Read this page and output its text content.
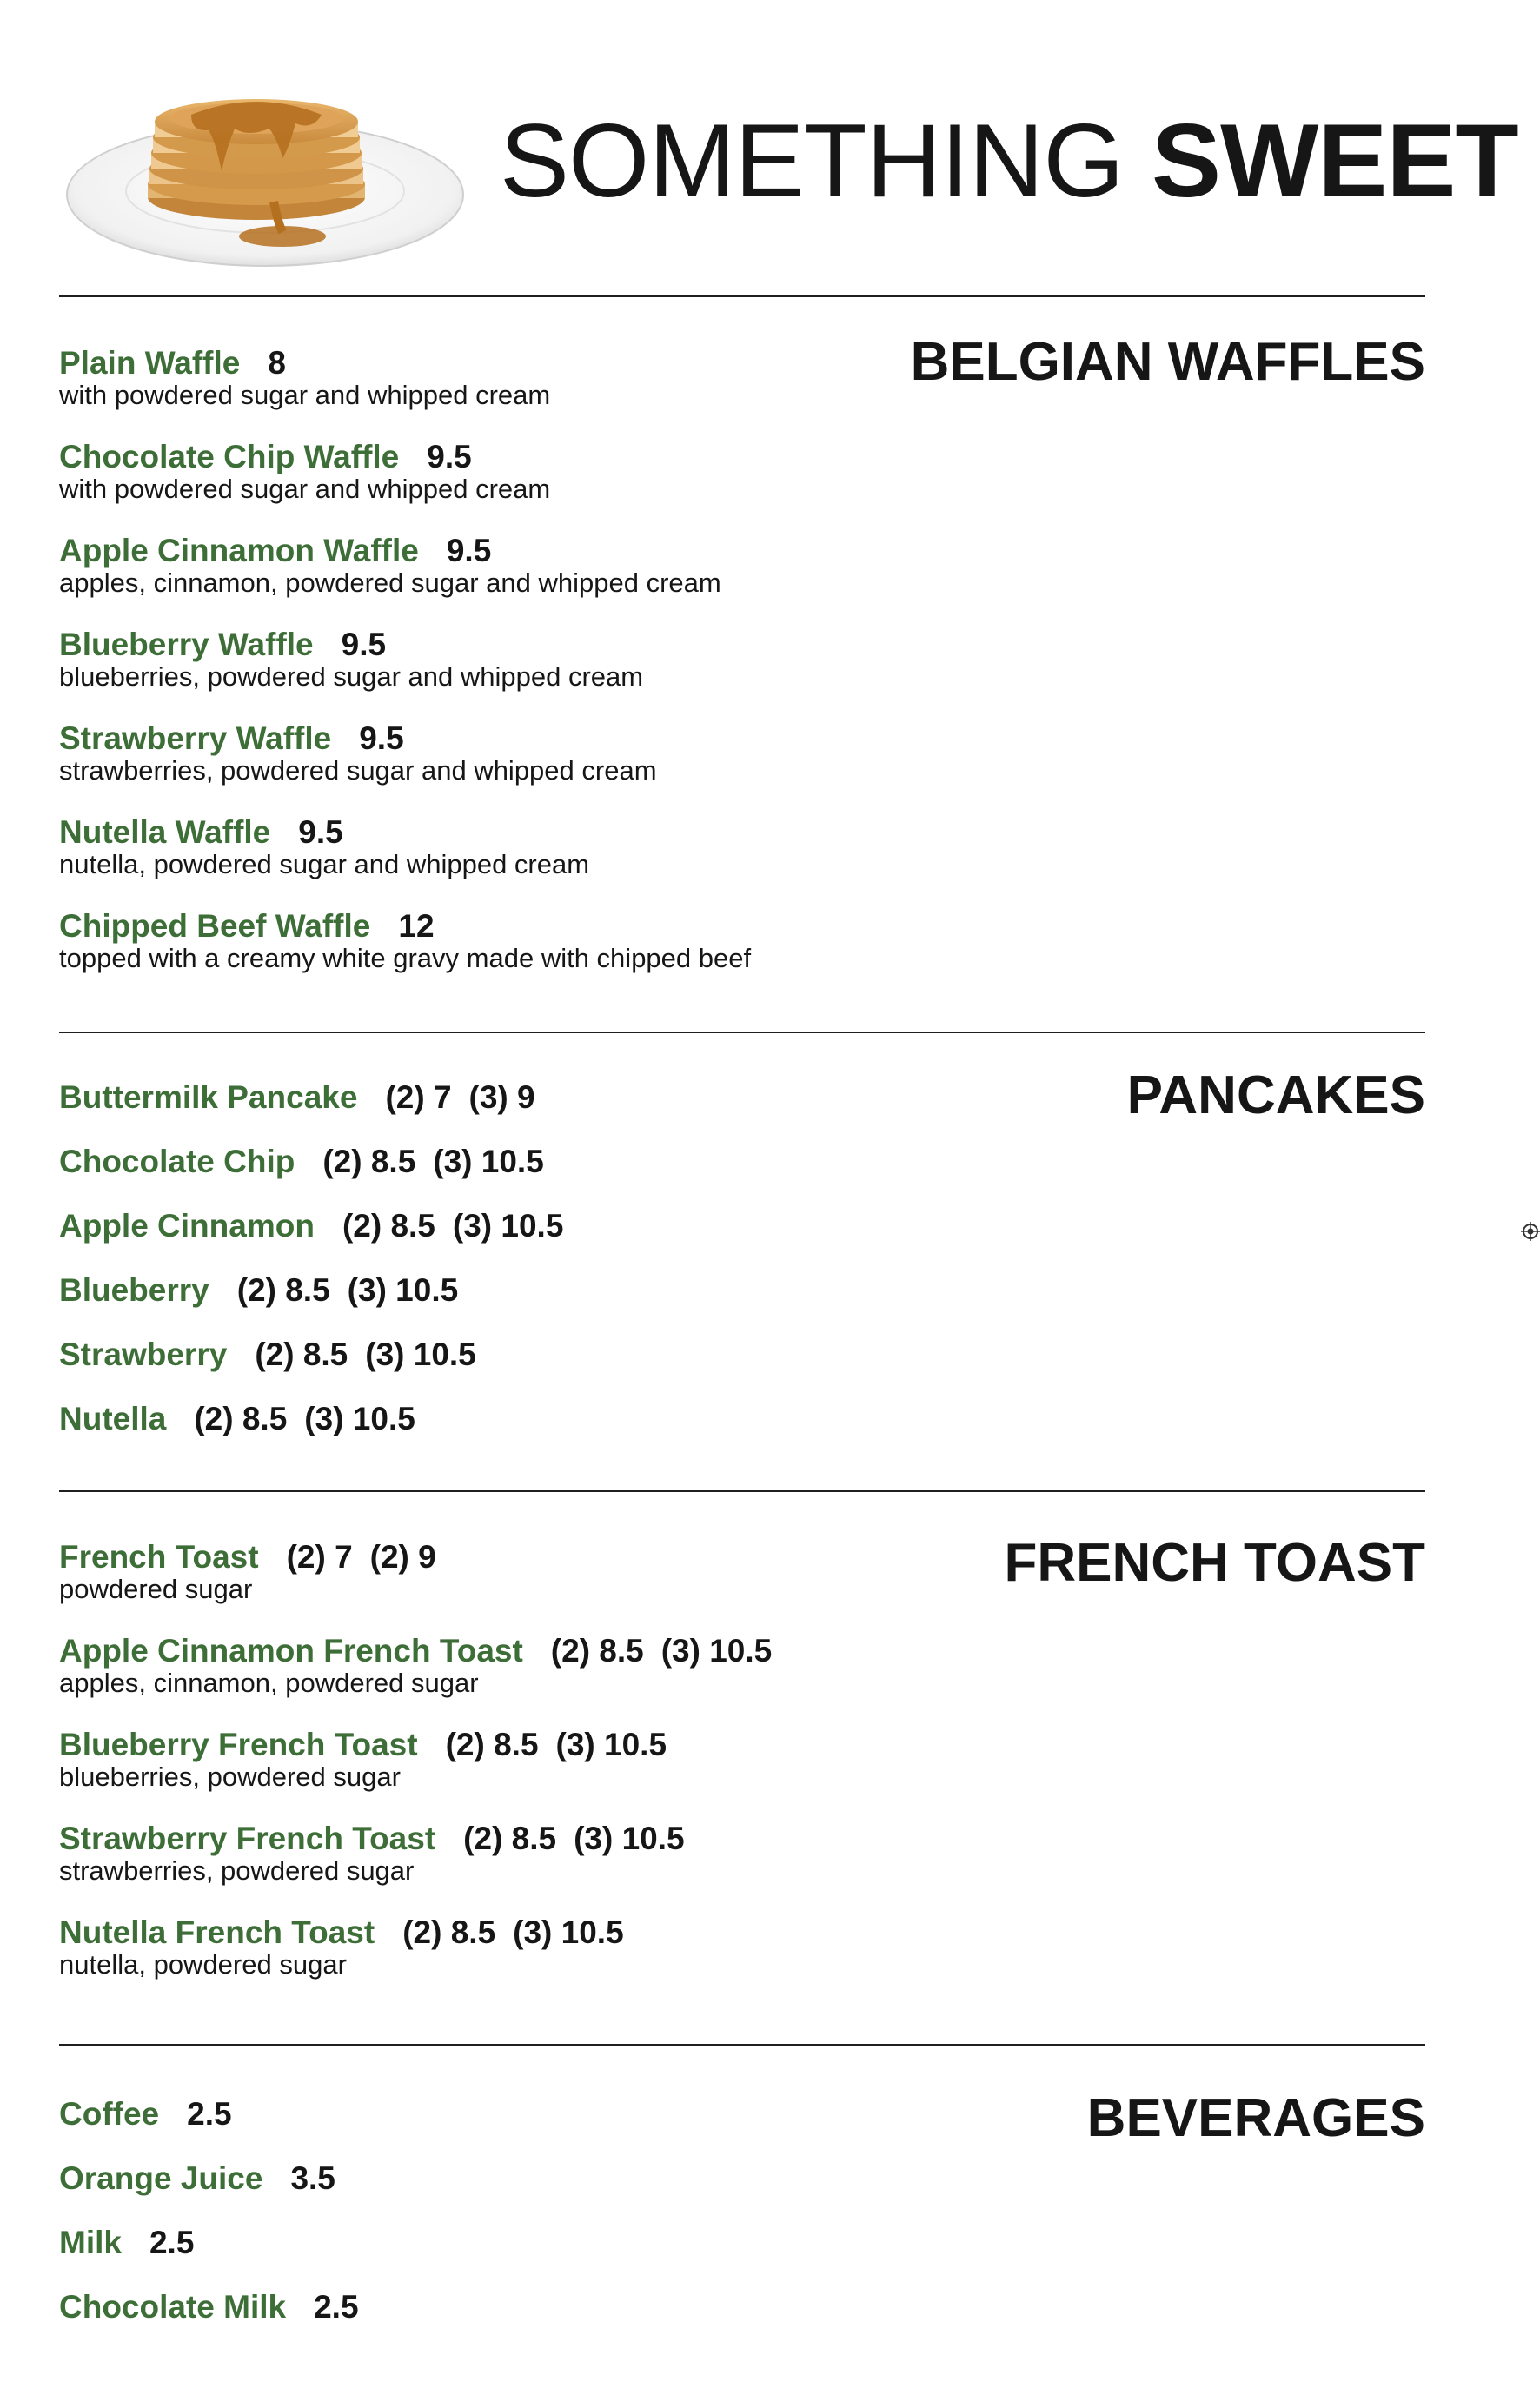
SOMETHING SWEET
BELGIAN WAFFLES
Plain Waffle 8
with powdered sugar and whipped cream
Chocolate Chip Waffle 9.5
with powdered sugar and whipped cream
Apple Cinnamon Waffle 9.5
apples, cinnamon, powdered sugar and whipped cream
Blueberry Waffle 9.5
blueberries, powdered sugar and whipped cream
Strawberry Waffle 9.5
strawberries, powdered sugar and whipped cream
Nutella Waffle 9.5
nutella, powdered sugar and whipped cream
Chipped Beef Waffle 12
topped with a creamy white gravy made with chipped beef
PANCAKES
Buttermilk Pancake (2) 7 (3) 9
Chocolate Chip (2) 8.5 (3) 10.5
Apple Cinnamon (2) 8.5 (3) 10.5
Blueberry (2) 8.5 (3) 10.5
Strawberry (2) 8.5 (3) 10.5
Nutella (2) 8.5 (3) 10.5
FRENCH TOAST
French Toast (2) 7 (2) 9
powdered sugar
Apple Cinnamon French Toast (2) 8.5 (3) 10.5
apples, cinnamon, powdered sugar
Blueberry French Toast (2) 8.5 (3) 10.5
blueberries, powdered sugar
Strawberry French Toast (2) 8.5 (3) 10.5
strawberries, powdered sugar
Nutella French Toast (2) 8.5 (3) 10.5
nutella, powdered sugar
BEVERAGES
Coffee 2.5
Orange Juice 3.5
Milk 2.5
Chocolate Milk 2.5
